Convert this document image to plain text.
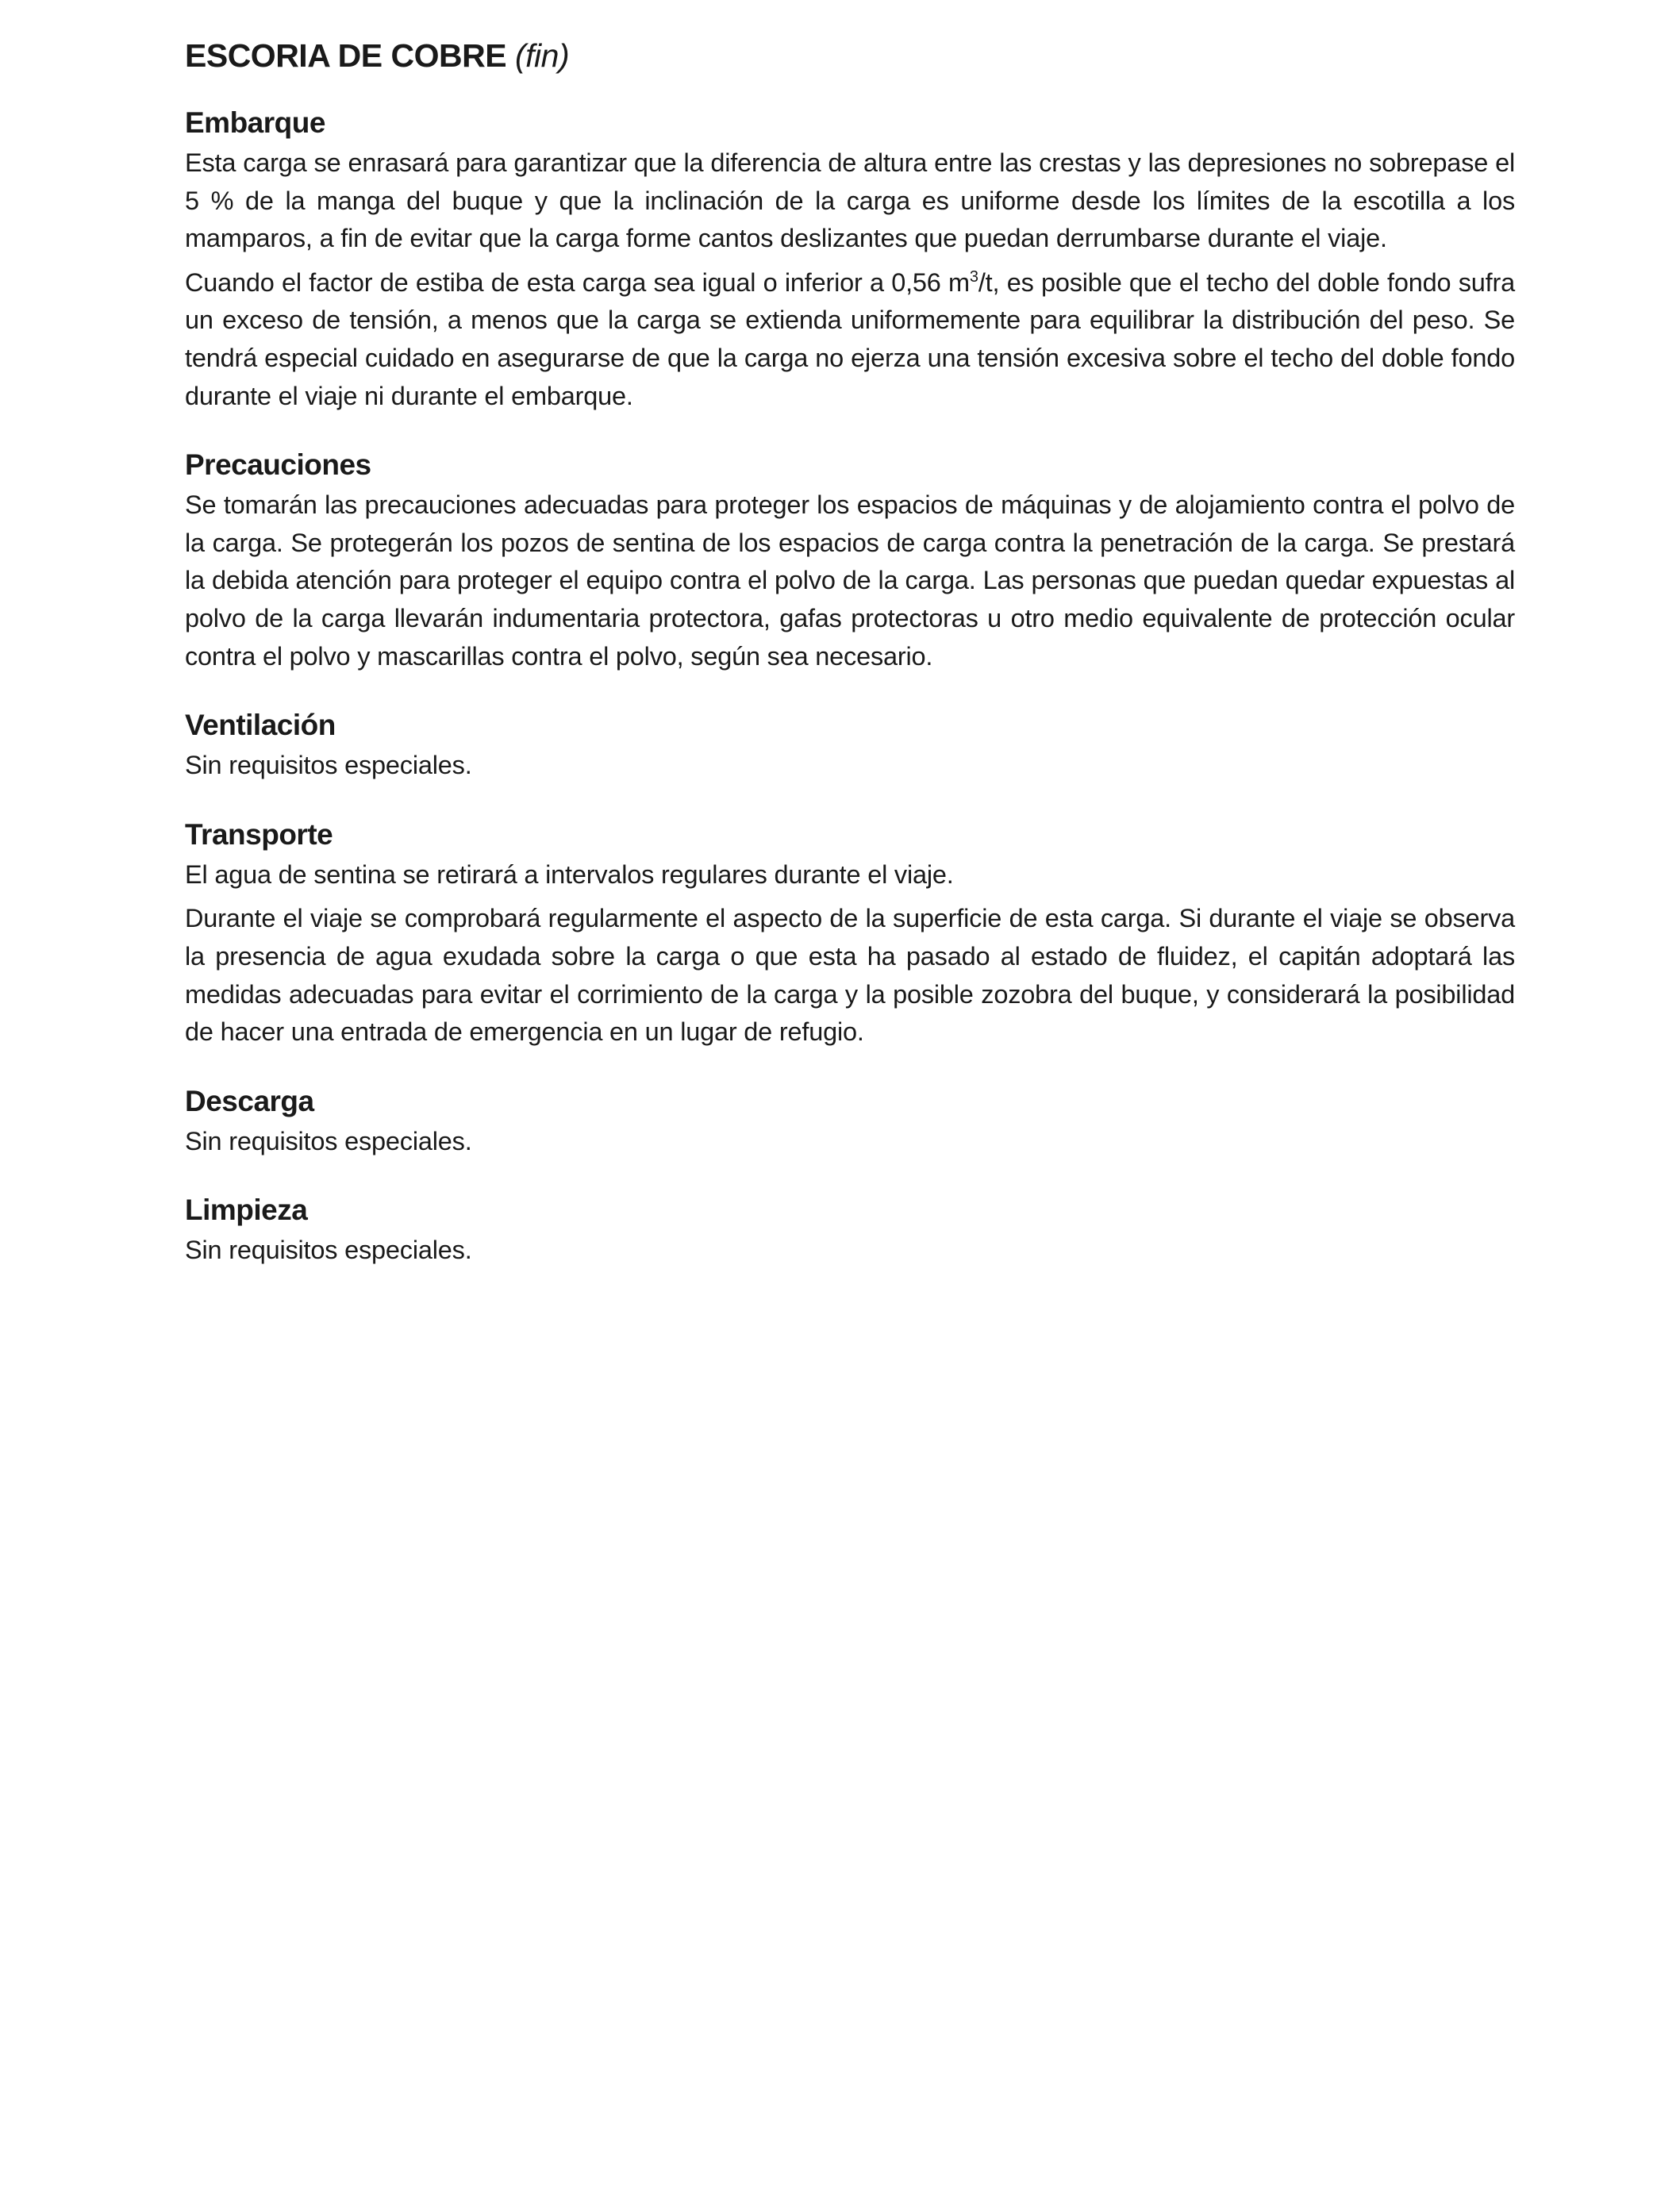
ESCORIA DE COBRE (fin)
Embarque

Esta carga se enrasará para garantizar que la diferencia de altura entre las crestas y las depresiones no sobrepase el 5 % de la manga del buque y que la inclinación de la carga es uniforme desde los límites de la escotilla a los mamparos, a fin de evitar que la carga forme cantos deslizantes que puedan derrumbarse durante el viaje.

Cuando el factor de estiba de esta carga sea igual o inferior a 0,56 $m^3/t$, es posible que el techo del doble fondo sufra un exceso de tensión, a menos que la carga se extienda uniformemente para equilibrar la distribución del peso. Se tendrá especial cuidado en asegurarse de que la carga no ejerza una tensión excesiva sobre el techo del doble fondo durante el viaje ni durante el embarque.

Precauciones

Se tomarán las precauciones adecuadas para proteger los espacios de máquinas y de alojamiento contra el polvo de la carga. Se protegerán los pozos de sentina de los espacios de carga contra la penetración de la carga. Se prestará la debida atención para proteger el equipo contra el polvo de la carga. Las personas que puedan quedar expuestas al polvo de la carga llevarán indumentaria protectora, gafas protectoras u otro medio equivalente de protección ocular contra el polvo y mascarillas contra el polvo, según sea necesario.

Ventilación

Sin requisitos especiales.

Transporte

El agua de sentina se retirará a intervalos regulares durante el viaje.

Durante el viaje se comprobará regularmente el aspecto de la superficie de esta carga. Si durante el viaje se observa la presencia de agua exudada sobre la carga o que esta ha pasado al estado de fluidez, el capitán adoptará las medidas adecuadas para evitar el corrimiento de la carga y la posible zozobra del buque, y considerará la posibilidad de hacer una entrada de emergencia en un lugar de refugio.

Descarga

Sin requisitos especiales.

Limpieza

Sin requisitos especiales.
